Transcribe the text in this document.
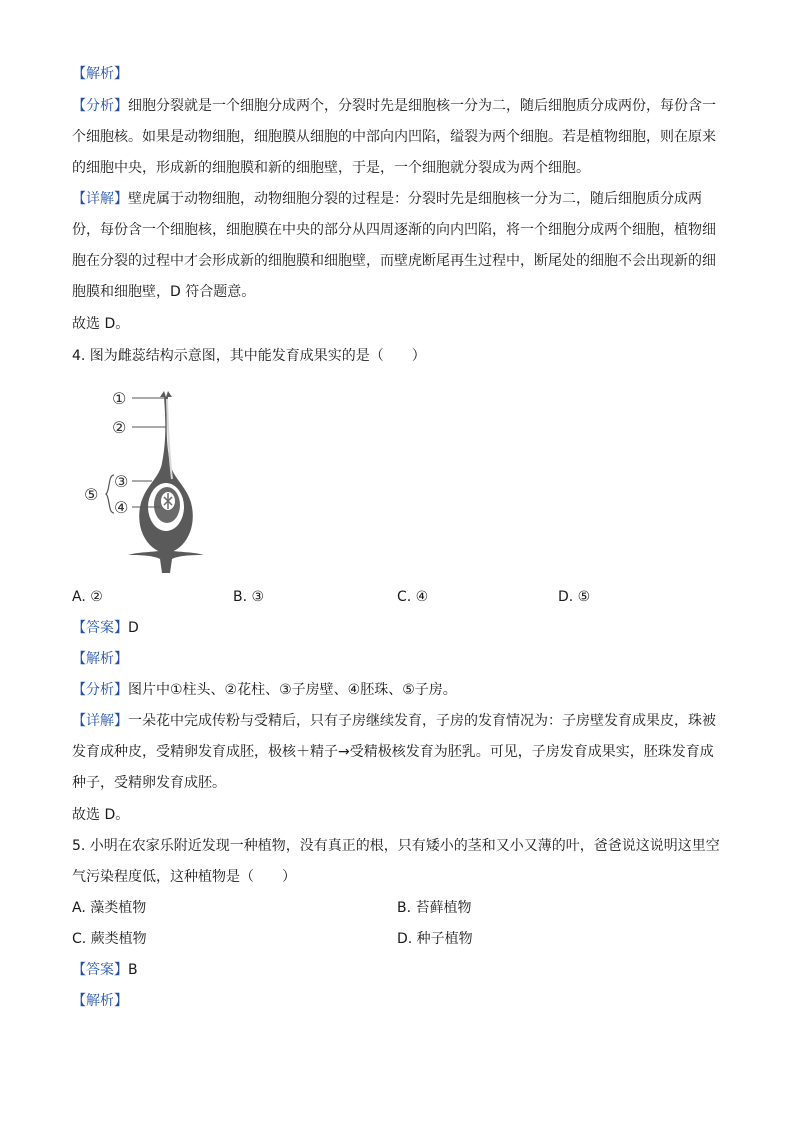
【解析】
【分析】细胞分裂就是一个细胞分成两个，分裂时先是细胞核一分为二，随后细胞质分成两份，每份含一
个细胞核。如果是动物细胞，细胞膜从细胞的中部向内凹陷，缢裂为两个细胞。若是植物细胞，则在原来
的细胞中央，形成新的细胞膜和新的细胞壁，于是，一个细胞就分裂成为两个细胞。
【详解】壁虎属于动物细胞，动物细胞分裂的过程是：分裂时先是细胞核一分为二，随后细胞质分成两
份，每份含一个细胞核，细胞膜在中央的部分从四周逐渐的向内凹陷，将一个细胞分成两个细胞，植物细
胞在分裂的过程中才会形成新的细胞膜和细胞壁，而壁虎断尾再生过程中，断尾处的细胞不会出现新的细
胞膜和细胞壁，D 符合题意。
故选 D。
4. 图为雌蕊结构示意图，其中能发育成果实的是（　　）
①
②
③
④
⑤
A. ②	B. ③	C. ④	D. ⑤
【答案】D
【解析】
【分析】图片中①柱头、②花柱、③子房壁、④胚珠、⑤子房。
【详解】一朵花中完成传粉与受精后，只有子房继续发育，子房的发育情况为：子房壁发育成果皮，珠被
发育成种皮，受精卵发育成胚，极核＋精子→受精极核发育为胚乳。可见，子房发育成果实，胚珠发育成
种子，受精卵发育成胚。
故选 D。
5. 小明在农家乐附近发现一种植物，没有真正的根，只有矮小的茎和又小又薄的叶，爸爸说这说明这里空
气污染程度低，这种植物是（　　）
A. 藻类植物	B. 苔藓植物
C. 蕨类植物	D. 种子植物
【答案】B
【解析】
